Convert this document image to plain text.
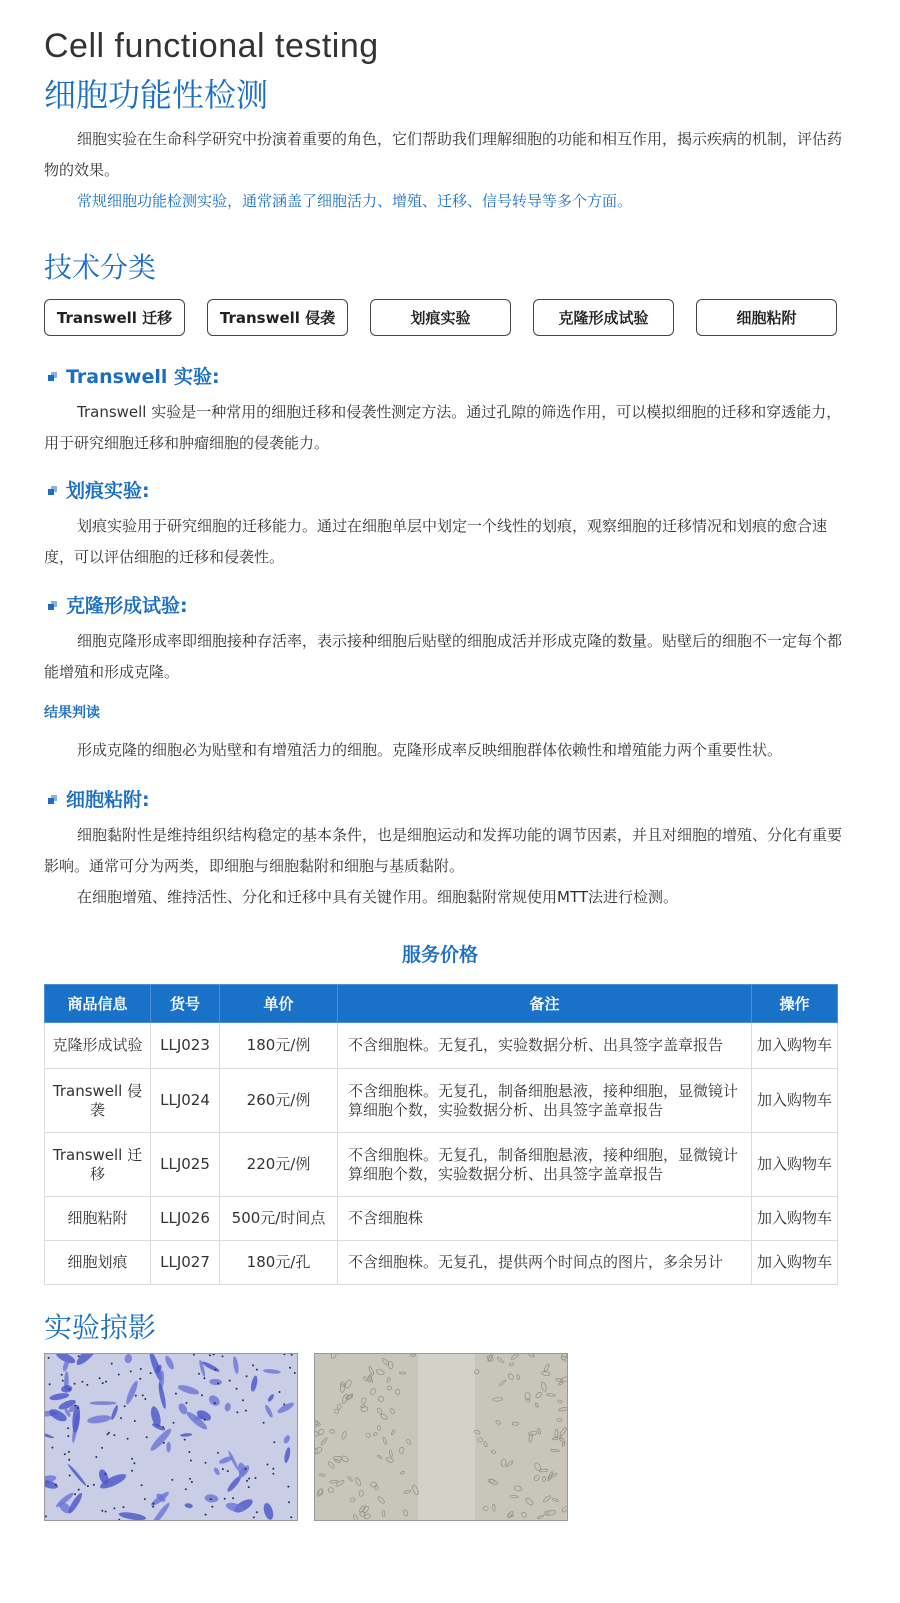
Cell functional testing
细胞功能性检测
细胞实验在生命科学研究中扮演着重要的角色，它们帮助我们理解细胞的功能和相互作用，揭示疾病的机制，评估药物的效果。
常规细胞功能检测实验，通常涵盖了细胞活力、增殖、迁移、信号转导等多个方面。
技术分类
Transwell 迁移	Transwell 侵袭	划痕实验	克隆形成试验	细胞粘附
Transwell 实验:
Transwell 实验是一种常用的细胞迁移和侵袭性测定方法。通过孔隙的筛选作用，可以模拟细胞的迁移和穿透能力，用于研究细胞迁移和肿瘤细胞的侵袭能力。
划痕实验:
划痕实验用于研究细胞的迁移能力。通过在细胞单层中划定一个线性的划痕，观察细胞的迁移情况和划痕的愈合速度，可以评估细胞的迁移和侵袭性。
克隆形成试验:
细胞克隆形成率即细胞接种存活率，表示接种细胞后贴壁的细胞成活并形成克隆的数量。贴壁后的细胞不一定每个都能增殖和形成克隆。
结果判读
形成克隆的细胞必为贴壁和有增殖活力的细胞。克隆形成率反映细胞群体依赖性和增殖能力两个重要性状。
细胞粘附:
细胞黏附性是维持组织结构稳定的基本条件，也是细胞运动和发挥功能的调节因素，并且对细胞的增殖、分化有重要影响。通常可分为两类，即细胞与细胞黏附和细胞与基质黏附。
在细胞增殖、维持活性、分化和迁移中具有关键作用。细胞黏附常规使用MTT法进行检测。
服务价格
商品信息	货号	单价	备注	操作
克隆形成试验	LLJ023	180元/例	不含细胞株。无复孔，实验数据分析、出具签字盖章报告	加入购物车
Transwell 侵袭	LLJ024	260元/例	不含细胞株。无复孔，制备细胞悬液，接种细胞，显微镜计算细胞个数，实验数据分析、出具签字盖章报告	加入购物车
Transwell 迁移	LLJ025	220元/例	不含细胞株。无复孔，制备细胞悬液，接种细胞，显微镜计算细胞个数，实验数据分析、出具签字盖章报告	加入购物车
细胞粘附	LLJ026	500元/时间点	不含细胞株	加入购物车
细胞划痕	LLJ027	180元/孔	不含细胞株。无复孔，提供两个时间点的图片，多余另计	加入购物车
实验掠影
